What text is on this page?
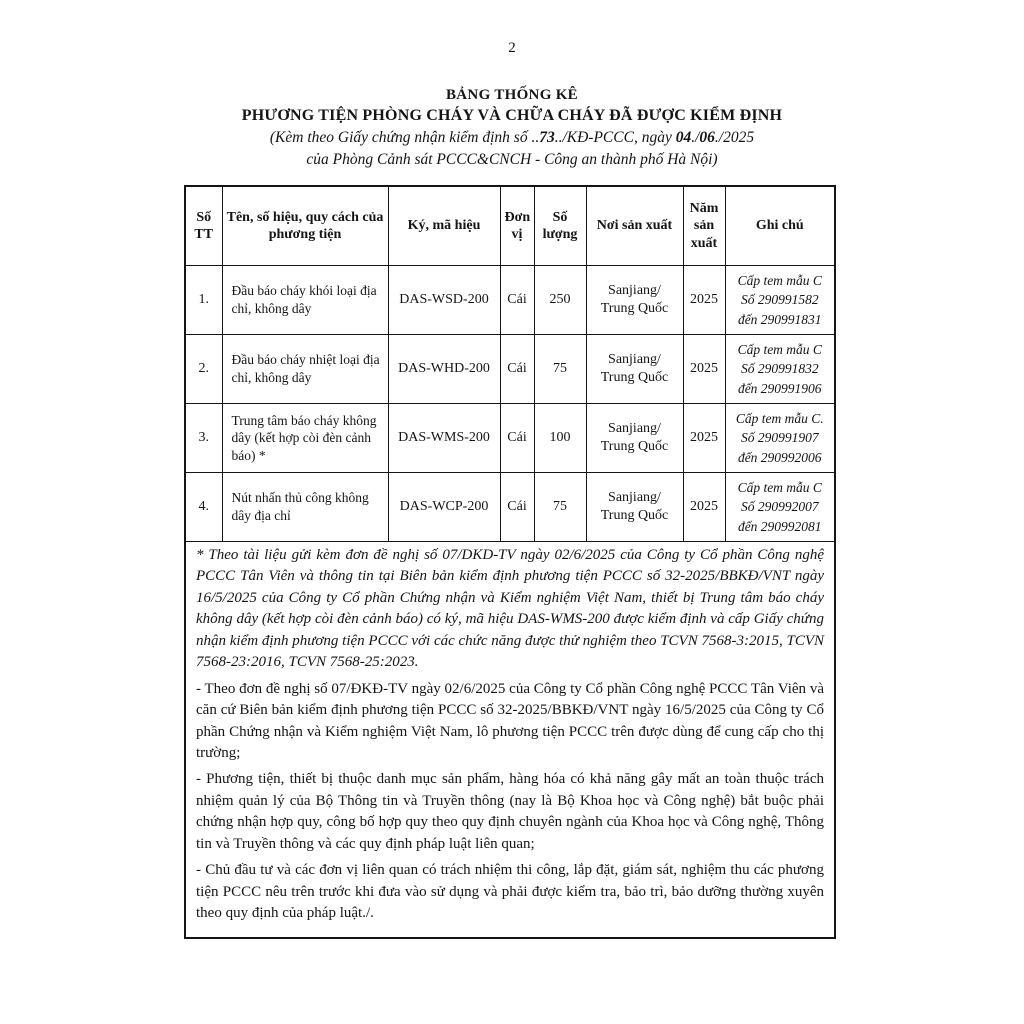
2
BẢNG THỐNG KÊ
PHƯƠNG TIỆN PHÒNG CHÁY VÀ CHỮA CHÁY ĐÃ ĐƯỢC KIỂM ĐỊNH
(Kèm theo Giấy chứng nhận kiểm định số ..73../KĐ-PCCC, ngày 04./06./2025
của Phòng Cảnh sát PCCC&CNCH - Công an thành phố Hà Nội)
Số TT	Tên, số hiệu, quy cách của phương tiện	Ký, mã hiệu	Đơn vị	Số lượng	Nơi sản xuất	Năm sản xuất	Ghi chú
1.	Đầu báo cháy khói loại địa chỉ, không dây	DAS-WSD-200	Cái	250	Sanjiang/
Trung Quốc	2025	Cấp tem mẫu C
Số 290991582
đến 290991831
2.	Đầu báo cháy nhiệt loại địa chỉ, không dây	DAS-WHD-200	Cái	75	Sanjiang/
Trung Quốc	2025	Cấp tem mẫu C
Số 290991832
đến 290991906
3.	Trung tâm báo cháy không dây (kết hợp còi đèn cảnh báo) *	DAS-WMS-200	Cái	100	Sanjiang/
Trung Quốc	2025	Cấp tem mẫu C.
Số 290991907
đến 290992006
4.	Nút nhấn thủ công không dây địa chỉ	DAS-WCP-200	Cái	75	Sanjiang/
Trung Quốc	2025	Cấp tem mẫu C
Số 290992007
đến 290992081

* Theo tài liệu gửi kèm đơn đề nghị số 07/DKD-TV ngày 02/6/2025 của Công ty Cổ phần Công nghệ PCCC Tân Viên và thông tin tại Biên bản kiểm định phương tiện PCCC số 32-2025/BBKĐ/VNT ngày 16/5/2025 của Công ty Cổ phần Chứng nhận và Kiểm nghiệm Việt Nam, thiết bị Trung tâm báo cháy không dây (kết hợp còi đèn cảnh báo) có ký, mã hiệu DAS-WMS-200 được kiểm định và cấp Giấy chứng nhận kiểm định phương tiện PCCC với các chức năng được thử nghiệm theo TCVN 7568-3:2015, TCVN 7568-23:2016, TCVN 7568-25:2023.

- Theo đơn đề nghị số 07/ĐKĐ-TV ngày 02/6/2025 của Công ty Cổ phần Công nghệ PCCC Tân Viên và căn cứ Biên bản kiểm định phương tiện PCCC số 32-2025/BBKĐ/VNT ngày 16/5/2025 của Công ty Cổ phần Chứng nhận và Kiểm nghiệm Việt Nam, lô phương tiện PCCC trên được dùng để cung cấp cho thị trường;

- Phương tiện, thiết bị thuộc danh mục sản phẩm, hàng hóa có khả năng gây mất an toàn thuộc trách nhiệm quản lý của Bộ Thông tin và Truyền thông (nay là Bộ Khoa học và Công nghệ) bắt buộc phải chứng nhận hợp quy, công bố hợp quy theo quy định chuyên ngành của Khoa học và Công nghệ, Thông tin và Truyền thông và các quy định pháp luật liên quan;

- Chủ đầu tư và các đơn vị liên quan có trách nhiệm thi công, lắp đặt, giám sát, nghiệm thu các phương tiện PCCC nêu trên trước khi đưa vào sử dụng và phải được kiểm tra, bảo trì, bảo dưỡng thường xuyên theo quy định của pháp luật./.							
